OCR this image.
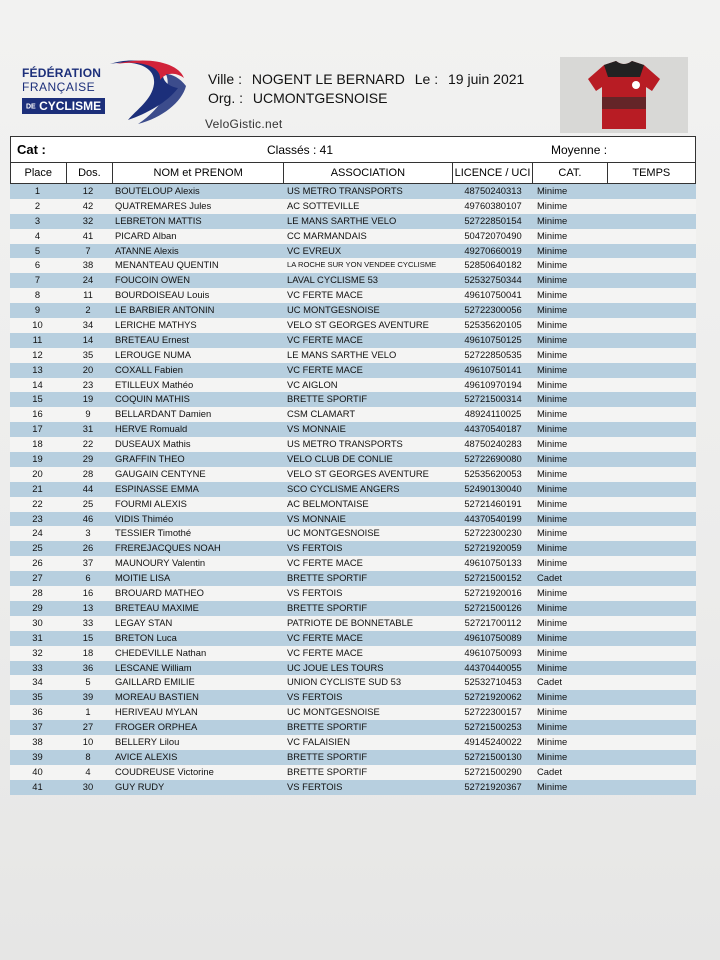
FÉDÉRATION
FRANÇAISE
DE CYCLISME
Ville : NOGENT LE BERNARD Le : 19 juin 2021
Org. : UCMONTGESNOISE
VeloGistic.net
Cat :	Classés : 41	Moyenne :
Place	Dos.	NOM et PRENOM	ASSOCIATION	LICENCE / UCI	CAT.	TEMPS
1	12	BOUTELOUP Alexis	US METRO TRANSPORTS	48750240313	Minime
2	42	QUATREMARES Jules	AC SOTTEVILLE	49760380107	Minime
3	32	LEBRETON MATTIS	LE MANS SARTHE VELO	52722850154	Minime
4	41	PICARD Alban	CC MARMANDAIS	50472070490	Minime
5	7	ATANNE Alexis	VC EVREUX	49270660019	Minime
6	38	MENANTEAU QUENTIN	LA ROCHE SUR YON VENDEE CYCLISME	52850640182	Minime
7	24	FOUCOIN OWEN	LAVAL CYCLISME 53	52532750344	Minime
8	11	BOURDOISEAU Louis	VC FERTE MACE	49610750041	Minime
9	2	LE BARBIER ANTONIN	UC MONTGESNOISE	52722300056	Minime
10	34	LERICHE MATHYS	VELO ST GEORGES AVENTURE	52535620105	Minime
11	14	BRETEAU Ernest	VC FERTE MACE	49610750125	Minime
12	35	LEROUGE NUMA	LE MANS SARTHE VELO	52722850535	Minime
13	20	COXALL Fabien	VC FERTE MACE	49610750141	Minime
14	23	ETILLEUX Mathéo	VC AIGLON	49610970194	Minime
15	19	COQUIN MATHIS	BRETTE SPORTIF	52721500314	Minime
16	9	BELLARDANT Damien	CSM CLAMART	48924110025	Minime
17	31	HERVE Romuald	VS MONNAIE	44370540187	Minime
18	22	DUSEAUX Mathis	US METRO TRANSPORTS	48750240283	Minime
19	29	GRAFFIN THEO	VELO CLUB DE CONLIE	52722690080	Minime
20	28	GAUGAIN CENTYNE	VELO ST GEORGES AVENTURE	52535620053	Minime
21	44	ESPINASSE EMMA	SCO CYCLISME ANGERS	52490130040	Minime
22	25	FOURMI ALEXIS	AC BELMONTAISE	52721460191	Minime
23	46	VIDIS Thiméo	VS MONNAIE	44370540199	Minime
24	3	TESSIER Timothé	UC MONTGESNOISE	52722300230	Minime
25	26	FREREJACQUES NOAH	VS FERTOIS	52721920059	Minime
26	37	MAUNOURY Valentin	VC FERTE MACE	49610750133	Minime
27	6	MOITIE LISA	BRETTE SPORTIF	52721500152	Cadet
28	16	BROUARD MATHEO	VS FERTOIS	52721920016	Minime
29	13	BRETEAU MAXIME	BRETTE SPORTIF	52721500126	Minime
30	33	LEGAY STAN	PATRIOTE DE BONNETABLE	52721700112	Minime
31	15	BRETON Luca	VC FERTE MACE	49610750089	Minime
32	18	CHEDEVILLE Nathan	VC FERTE MACE	49610750093	Minime
33	36	LESCANE William	UC JOUE LES TOURS	44370440055	Minime
34	5	GAILLARD EMILIE	UNION CYCLISTE SUD 53	52532710453	Cadet
35	39	MOREAU BASTIEN	VS FERTOIS	52721920062	Minime
36	1	HERIVEAU MYLAN	UC MONTGESNOISE	52722300157	Minime
37	27	FROGER ORPHEA	BRETTE SPORTIF	52721500253	Minime
38	10	BELLERY Lilou	VC FALAISIEN	49145240022	Minime
39	8	AVICE ALEXIS	BRETTE SPORTIF	52721500130	Minime
40	4	COUDREUSE Victorine	BRETTE SPORTIF	52721500290	Cadet
41	30	GUY RUDY	VS FERTOIS	52721920367	Minime
